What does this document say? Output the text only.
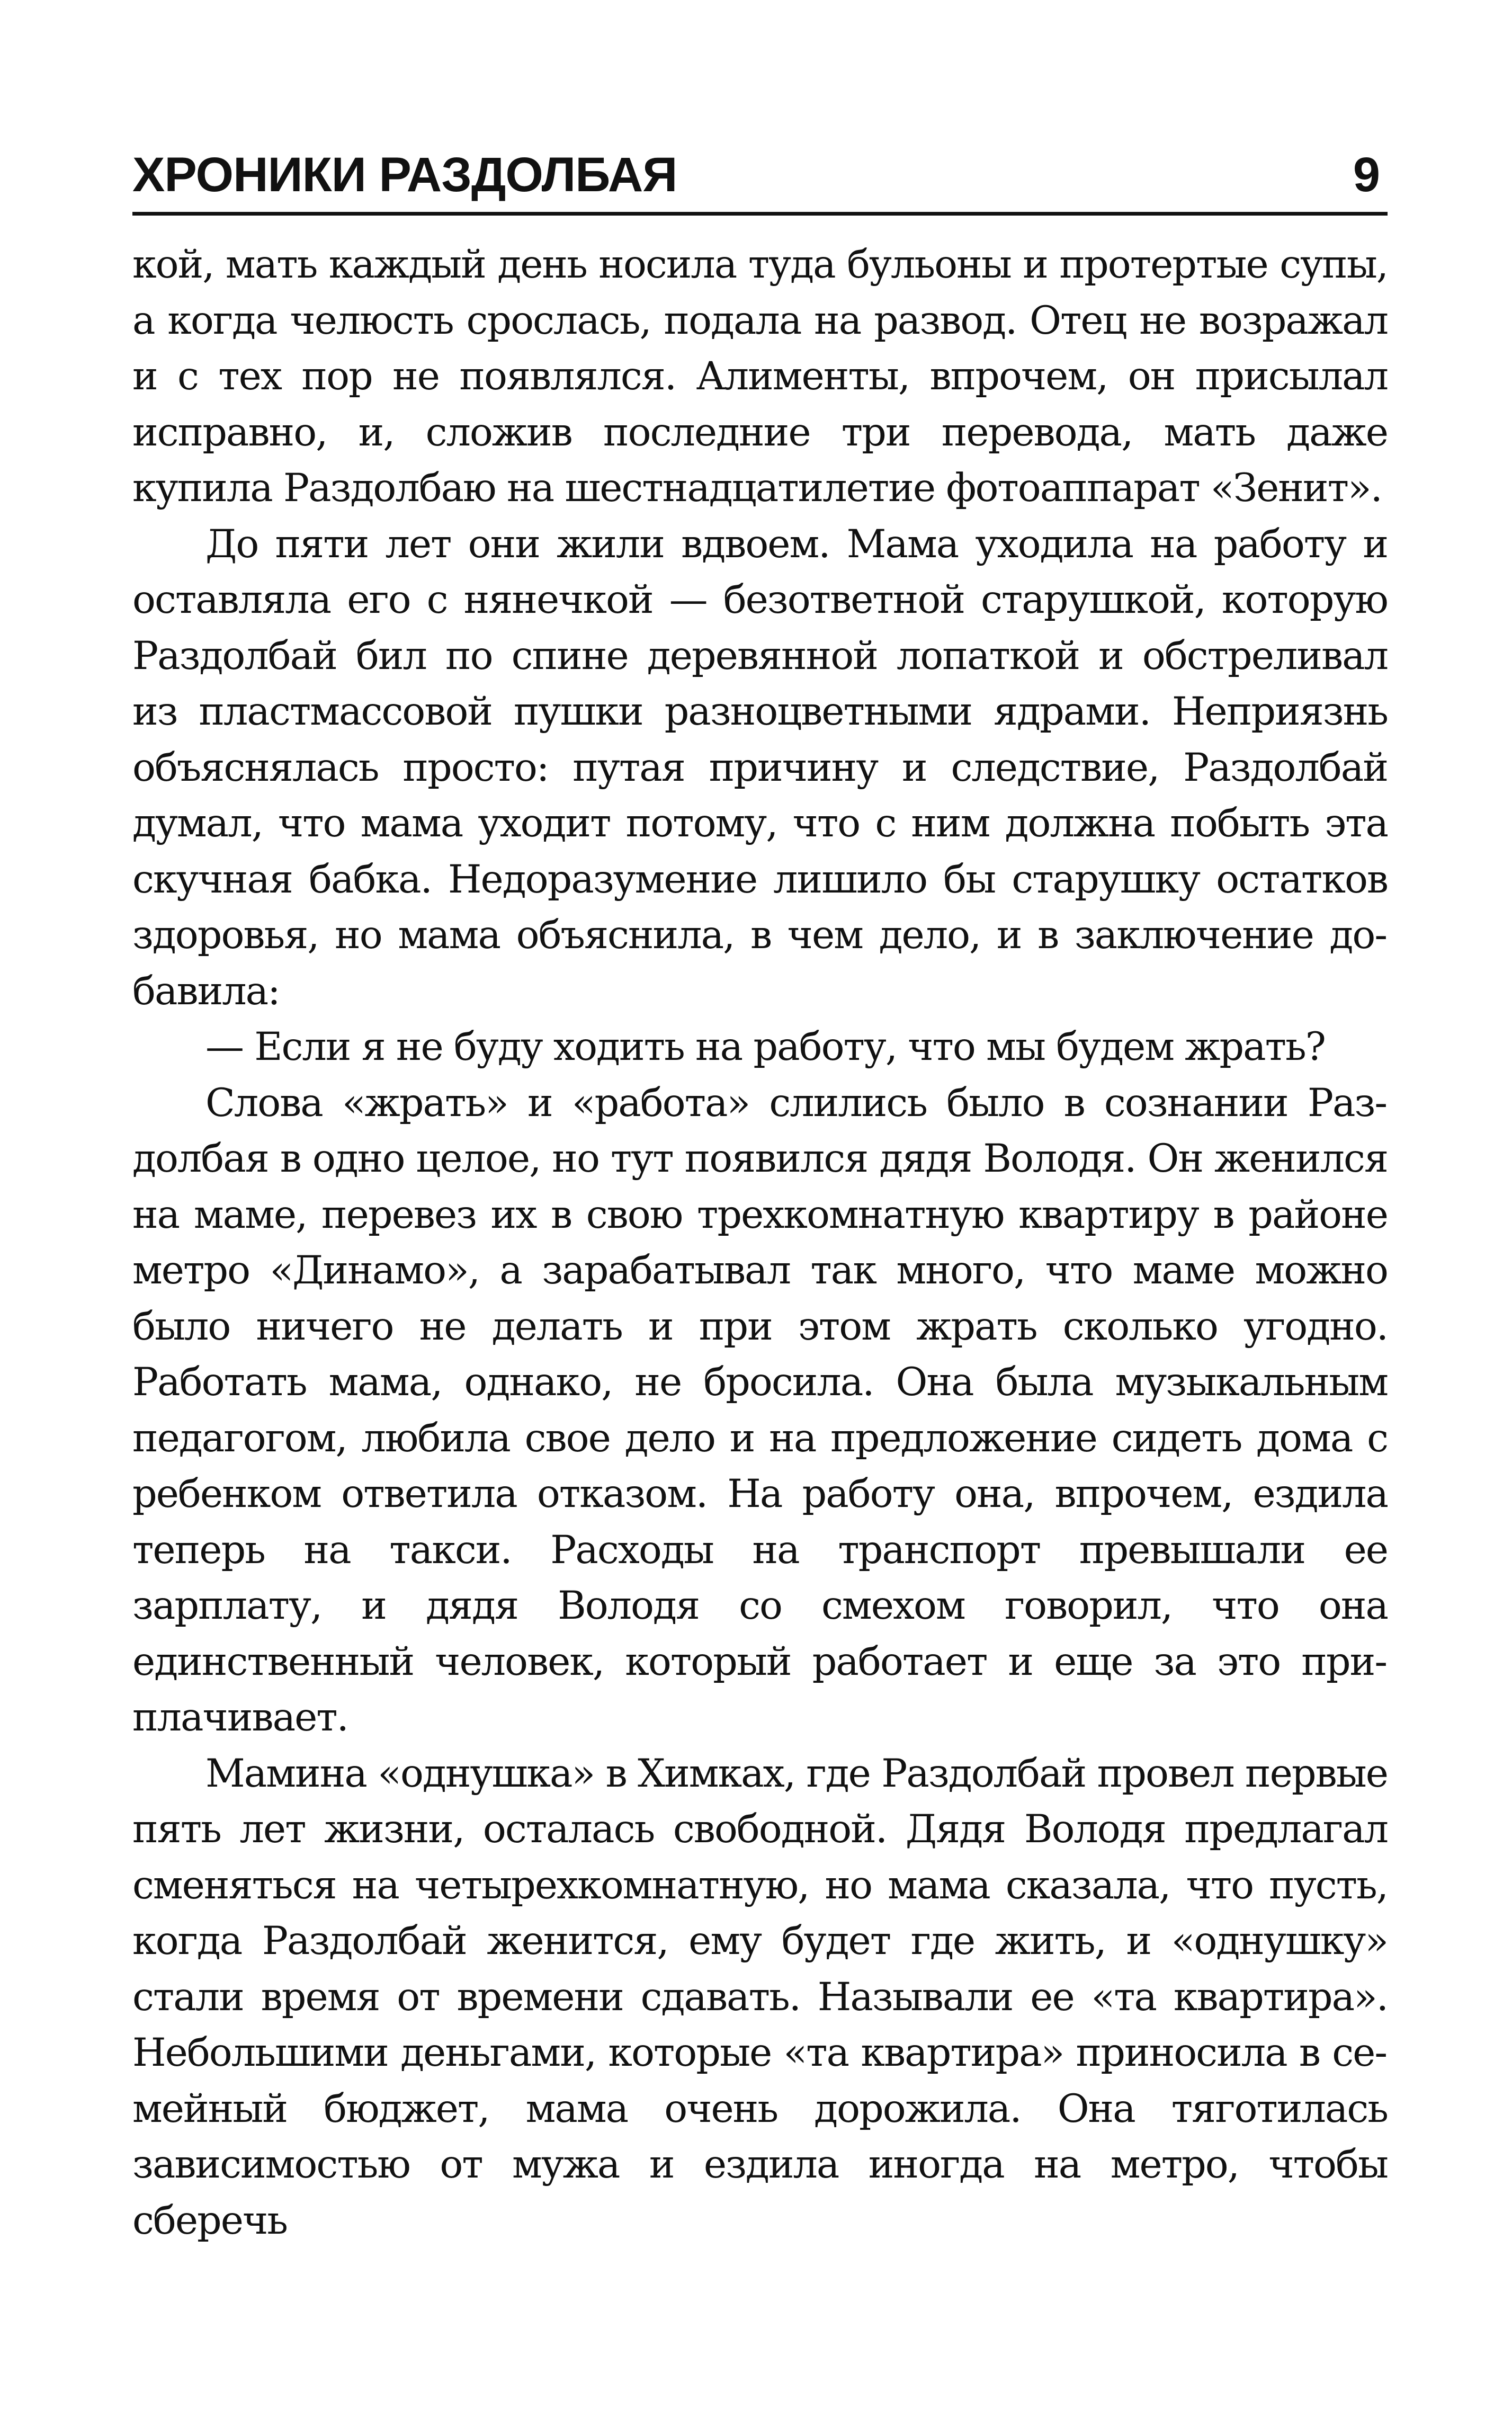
ХРОНИКИ РАЗДОЛБАЯ	9

кой, мать каждый день носила туда бульоны и протертые супы, а когда челюсть срослась, подала на развод. Отец не возражал и с тех пор не появлялся. Алименты, впрочем, он присылал исправно, и, сложив последние три перевода, мать даже купила Раздолбаю на шестнадцатилетие фотоаппарат «Зенит».

До пяти лет они жили вдвоем. Мама уходила на работу и оставляла его с нянечкой — безответной старушкой, которую Раздолбай бил по спине деревянной лопаткой и обстреливал из пластмассовой пушки разноцветными ядрами. Неприязнь объяснялась просто: путая причину и следствие, Раздолбай думал, что мама уходит потому, что с ним должна побыть эта скучная бабка. Недоразумение лишило бы старушку остатков здоровья, но мама объяснила, в чем дело, и в заключение добавила:

— Если я не буду ходить на работу, что мы будем жрать?

Слова «жрать» и «работа» слились было в сознании Раздолбая в одно целое, но тут появился дядя Володя. Он женился на маме, перевез их в свою трехкомнатную квартиру в районе метро «Динамо», а зарабатывал так много, что маме можно было ничего не делать и при этом жрать сколько угодно. Работать мама, однако, не бросила. Она была музыкальным педагогом, любила свое дело и на предложение сидеть дома с ребенком ответила отказом. На работу она, впрочем, ездила теперь на такси. Расходы на транспорт превышали ее зарплату, и дядя Володя со смехом говорил, что она единственный человек, который работает и еще за это приплачивает.

Мамина «однушка» в Химках, где Раздолбай провел первые пять лет жизни, осталась свободной. Дядя Володя предлагал сменяться на четырехкомнатную, но мама сказала, что пусть, когда Раздолбай женится, ему будет где жить, и «однушку» стали время от времени сдавать. Называли ее «та квартира». Небольшими деньгами, которые «та квартира» приносила в семейный бюджет, мама очень дорожила. Она тяготилась зависимостью от мужа и ездила иногда на метро, чтобы сберечь
